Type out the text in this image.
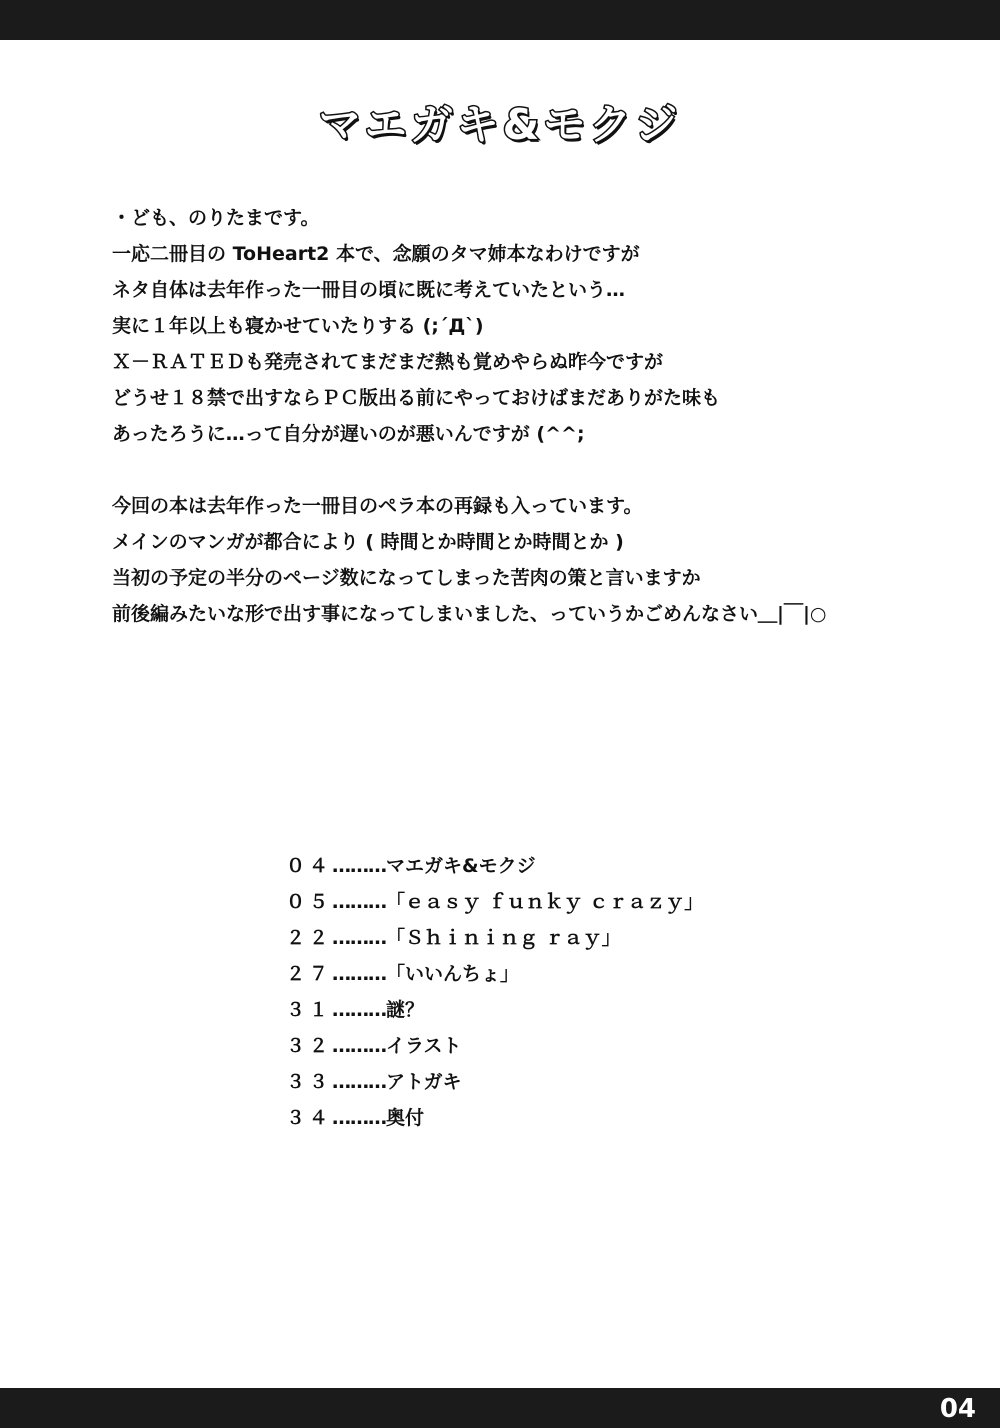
マエガキ&モクジ

・ども、のりたまです。

一応二冊目の ToHeart2 本で、念願のタマ姉本なわけですが

ネタ自体は去年作った一冊目の頃に既に考えていたという…

実に１年以上も寝かせていたりする (;´Д`)

Ｘ－ＲＡＴＥＤも発売されてまだまだ熱も覚めやらぬ昨今ですが

どうせ１８禁で出すならＰＣ版出る前にやっておけばまだありがた味も

あったろうに…って自分が遅いのが悪いんですが (^^;

今回の本は去年作った一冊目のペラ本の再録も入っています。

メインのマンガが都合により ( 時間とか時間とか時間とか )

当初の予定の半分のページ数になってしまった苦肉の策と言いますか

前後編みたいな形で出す事になってしまいました、っていうかごめんなさい＿|￣|○

０４………マエガキ&モクジ
０５………「ｅａｓｙ ｆｕｎｋｙ ｃｒａｚｙ」
２２………「Ｓｈｉｎｉｎｇ ｒａｙ」
２７………「いいんちょ」
３１………謎？
３２………イラスト
３３………アトガキ
３４………奥付
04
